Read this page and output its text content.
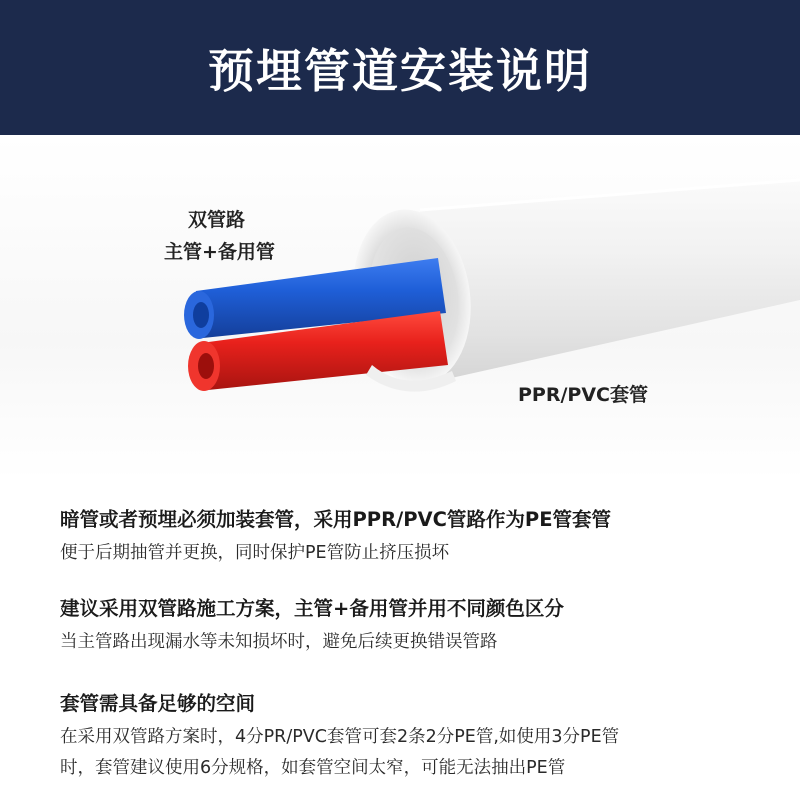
预埋管道安装说明
双管路
主管+备用管
PPR/PVC套管
暗管或者预埋必须加装套管，采用PPR/PVC管路作为PE管套管
便于后期抽管并更换，同时保护PE管防止挤压损坏
建议采用双管路施工方案，主管+备用管并用不同颜色区分
当主管路出现漏水等未知损坏时，避免后续更换错误管路
套管需具备足够的空间
在采用双管路方案时，4分PR/PVC套管可套2条2分PE管,如使用3分PE管
时，套管建议使用6分规格，如套管空间太窄，可能无法抽出PE管
